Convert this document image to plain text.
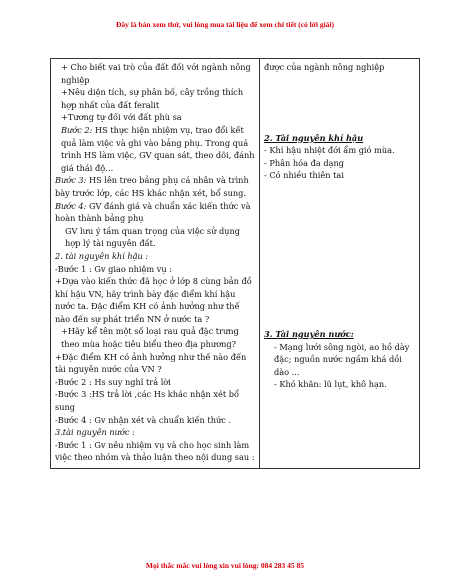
Đây là bản xem thử, vui lòng mua tài liệu để xem chi tiết (có lời giải)

+ Cho biết vai trò của đất đối với ngành nông nghiệp

+Nêu diện tích, sự phân bố, cây trồng thích hợp nhất của đất feralit

+Tương tự đối với đất phù sa

Bước 2: HS thực hiện nhiệm vụ, trao đổi kết quả làm việc và ghi vào bảng phụ. Trong quá trình HS làm việc, GV quan sát, theo dõi, đánh giá thái độ…

Bước 3: HS lên treo bảng phụ cá nhân và trình bày trước lớp, các HS khác nhận xét, bổ sung.

Bước 4: GV đánh giá và chuẩn xác kiến thức và hoàn thành bảng phụ

GV lưu ý tầm quan trọng của việc sử dụng hợp lý tài nguyên đất.

2. tài nguyên khí hậu :

-Bước 1 : Gv giao nhiệm vụ :

+Dựa vào kiến thức đã học ở lớp 8 cùng bản đồ khí hậu VN, hãy trình bày đặc điểm khí hậu nước ta. Đặc điểm KH có ảnh hưởng như thế nào đến sự phát triển NN ở nước ta ?

+Hãy kể tên một số loại rau quả đặc trưng theo mùa hoặc tiêu biểu theo địa phương?

+Đặc điểm KH có ảnh hưởng như thế nào đến tài nguyên nước của VN ?

-Bước 2 : Hs suy nghĩ trả lời

-Bước 3 :HS trả lời ,các Hs khác nhận xét bổ sung

-Bước 4 : Gv nhận xét và chuẩn kiến thức .

3.tài nguyên nước :

-Bước 1 : Gv nêu nhiệm vụ và cho học sinh làm việc theo nhóm và thảo luận theo nội dung sau :

được của ngành nông nghiệp

2. Tài nguyên khí hậu

- Khí hậu nhiệt đới ẩm gió mùa.

- Phân hóa đa dạng

- Có nhiều thiên tai

3. Tài nguyên nước:

- Mạng lưới sông ngòi, ao hồ dày đặc; nguồn nước ngầm khá dồi dào ...

- Khó khăn: lũ lụt, khô hạn.

Mọi thắc mắc vui lòng xin vui lòng: 084 283 45 85
